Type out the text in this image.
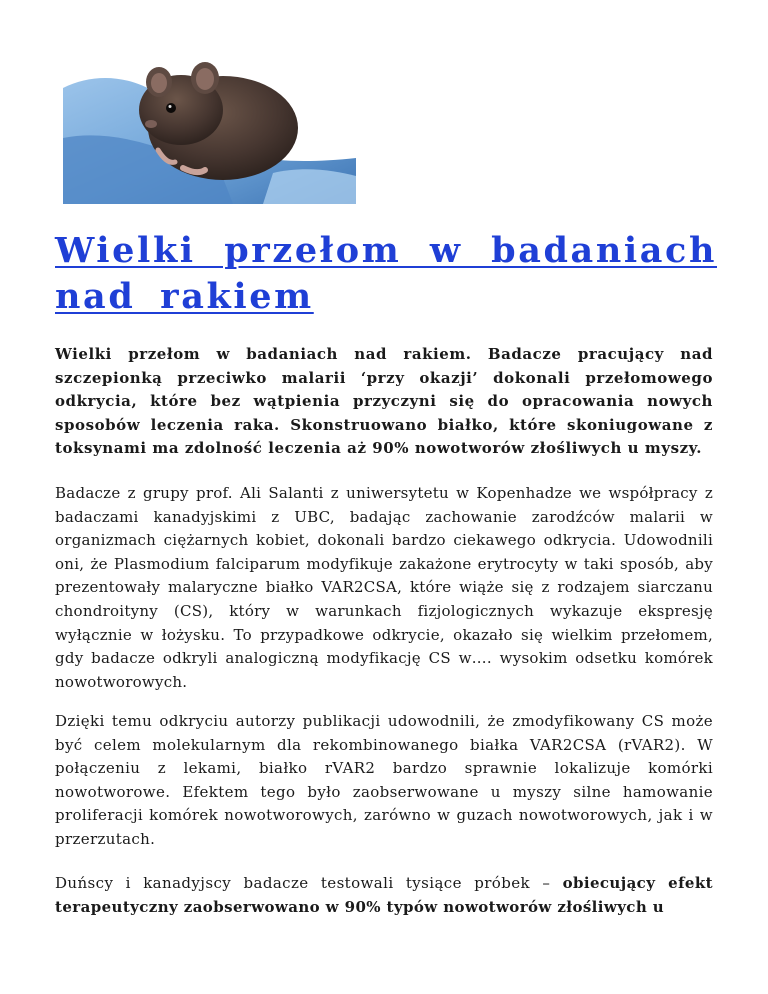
Wielki przełom w badaniach nad rakiem

Wielki przełom w badaniach nad rakiem. Badacze pracujący nad szczepionką przeciwko malarii ‘przy okazji’ dokonali przełomowego odkrycia, które bez wątpienia przyczyni się do opracowania nowych sposobów leczenia raka. Skonstruowano białko, które skoniugowane z toksynami ma zdolność leczenia aż 90% nowotworów złośliwych u myszy.

Badacze z grupy prof. Ali Salanti z uniwersytetu w Kopenhadze we współpracy z badaczami kanadyjskimi z UBC, badając zachowanie zarodźców malarii w organizmach ciężarnych kobiet, dokonali bardzo ciekawego odkrycia. Udowodnili oni, że Plasmodium falciparum modyfikuje zakażone erytrocyty w taki sposób, aby prezentowały malaryczne białko VAR2CSA, które wiąże się z rodzajem siarczanu chondroityny (CS), który w warunkach fizjologicznych wykazuje ekspresję wyłącznie w łożysku. To przypadkowe odkrycie, okazało się wielkim przełomem, gdy badacze odkryli analogiczną modyfikację CS w…. wysokim odsetku komórek nowotworowych.

Dzięki temu odkryciu autorzy publikacji udowodnili, że zmodyfikowany CS może być celem molekularnym dla rekombinowanego białka VAR2CSA (rVAR2). W połączeniu z lekami, białko rVAR2 bardzo sprawnie lokalizuje komórki nowotworowe. Efektem tego było zaobserwowane u myszy silne hamowanie proliferacji komórek nowotworowych, zarówno w guzach nowotworowych, jak i w przerzutach.

Duńscy i kanadyjscy badacze testowali tysiące próbek – obiecujący efekt terapeutyczny zaobserwowano w 90% typów nowotworów złośliwych u
